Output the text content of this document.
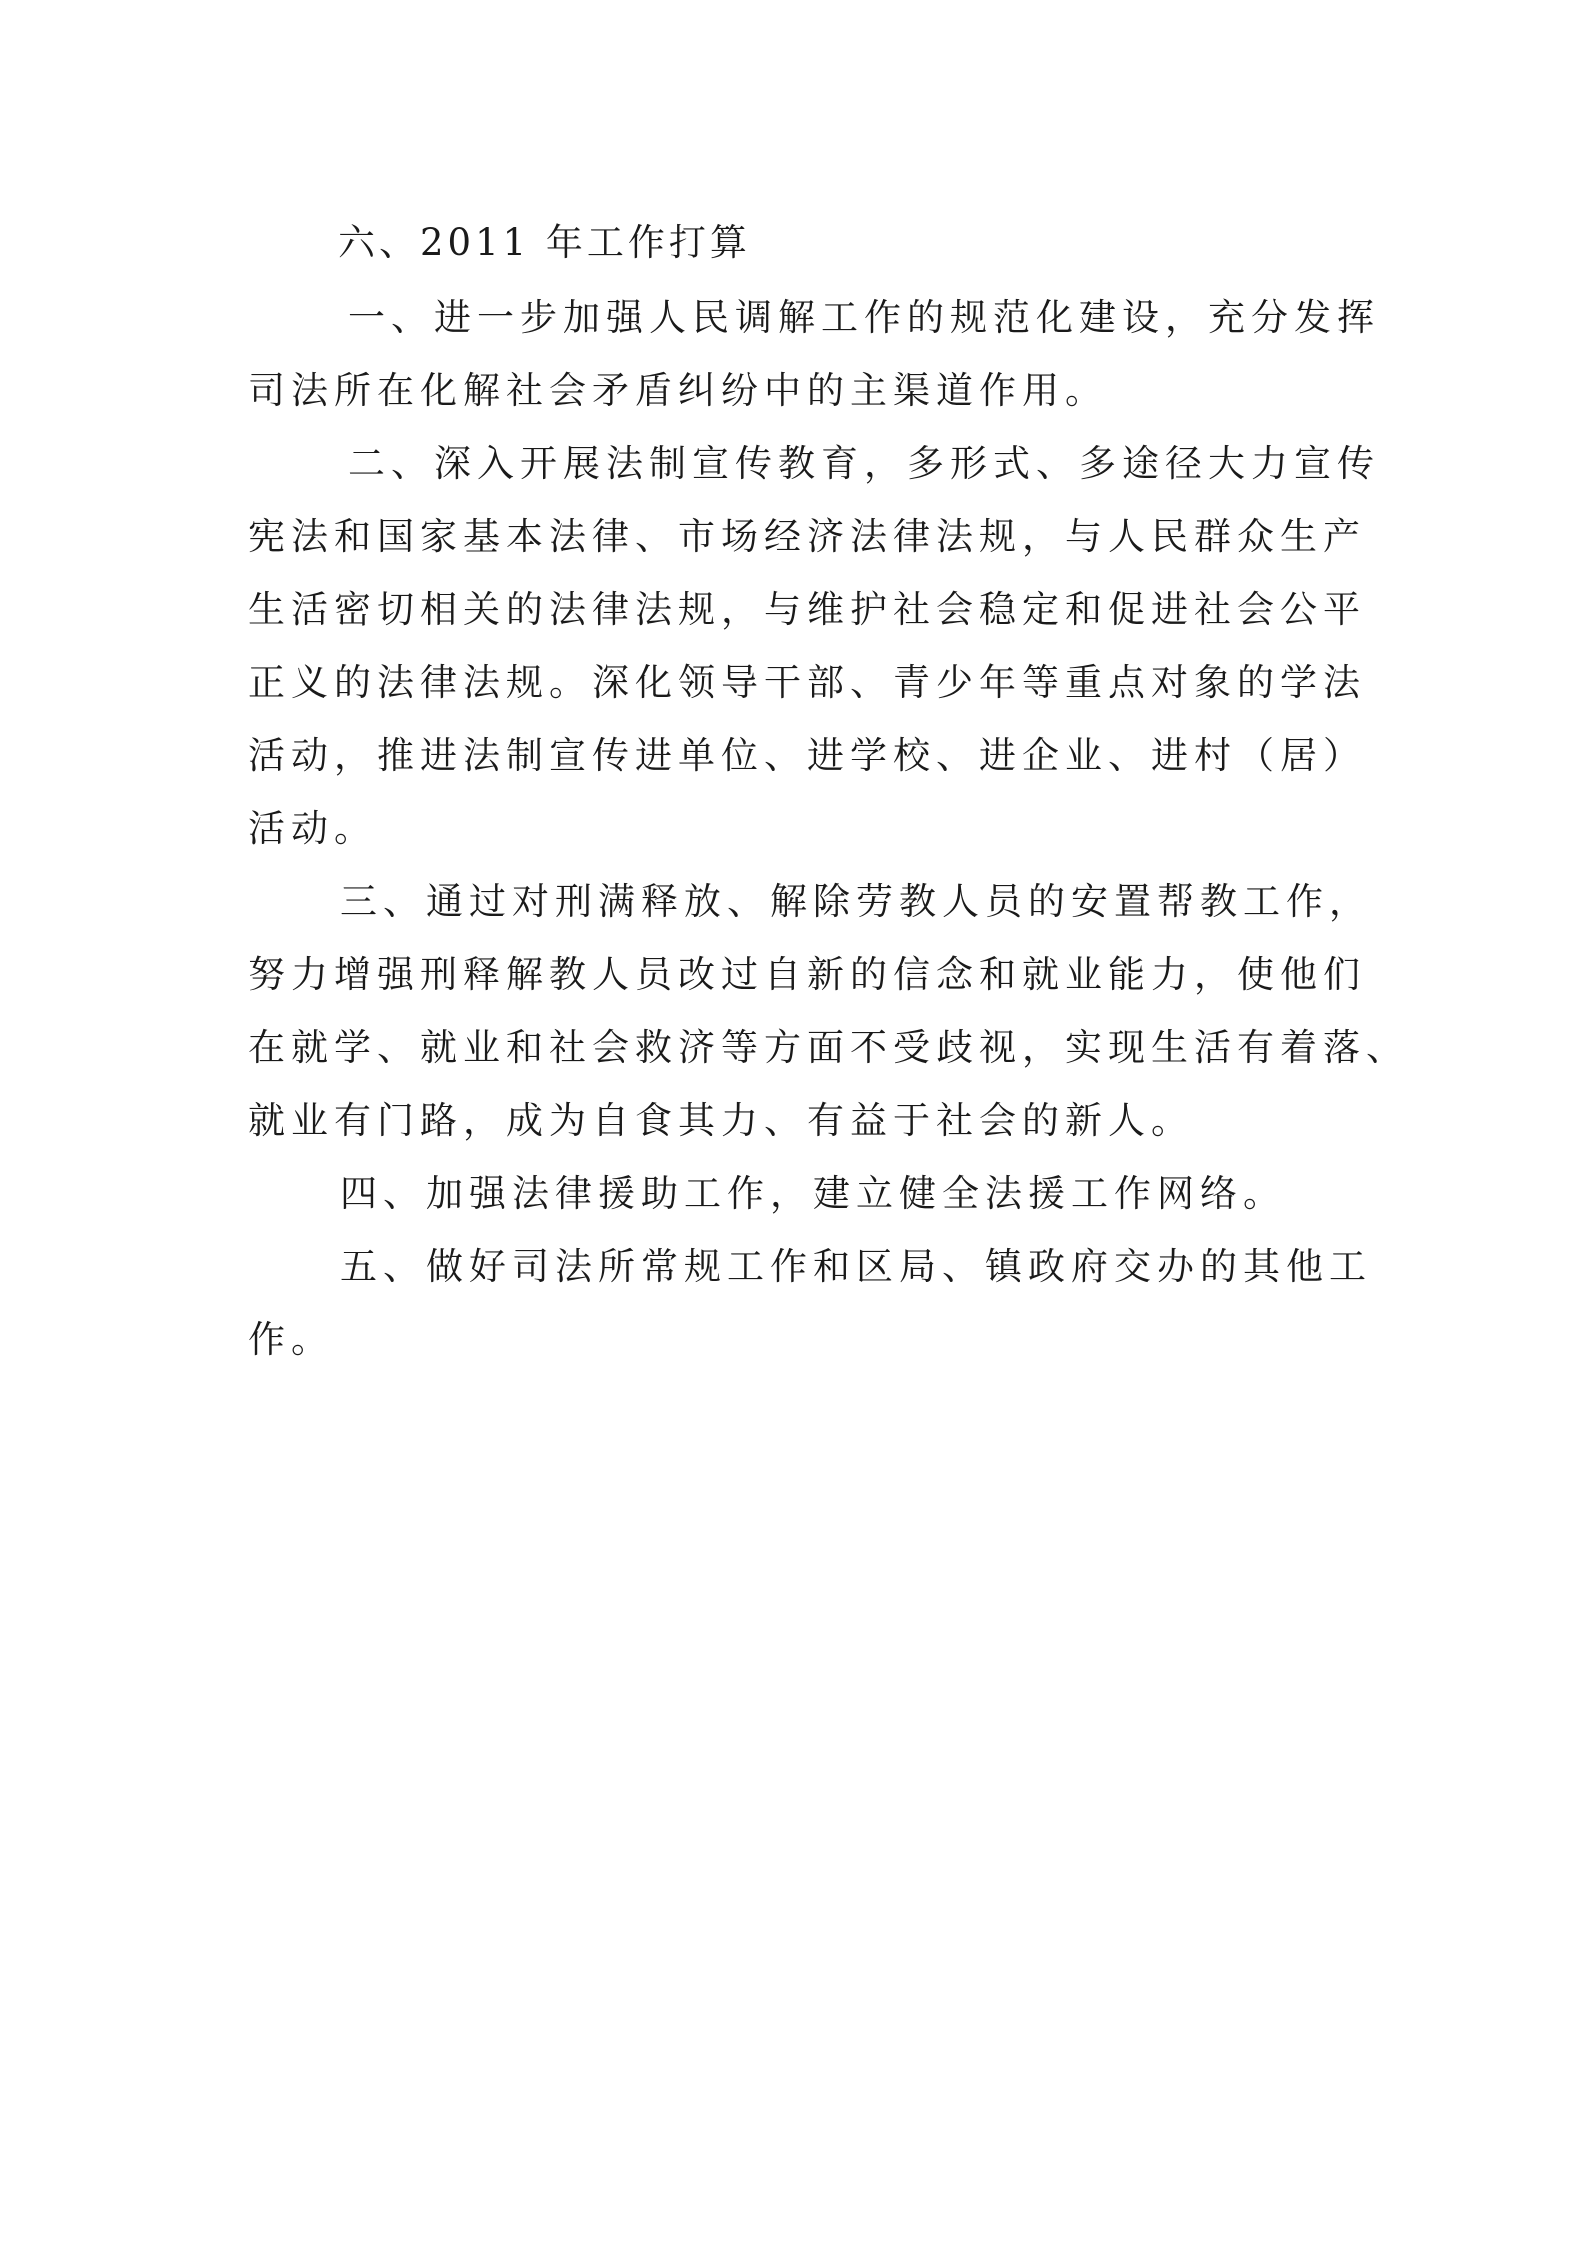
六、2011 年工作打算
一、进一步加强人民调解工作的规范化建设，充分发挥
司法所在化解社会矛盾纠纷中的主渠道作用。
二、深入开展法制宣传教育，多形式、多途径大力宣传
宪法和国家基本法律、市场经济法律法规，与人民群众生产
生活密切相关的法律法规，与维护社会稳定和促进社会公平
正义的法律法规。深化领导干部、青少年等重点对象的学法
活动，推进法制宣传进单位、进学校、进企业、进村（居）
活动。
三、通过对刑满释放、解除劳教人员的安置帮教工作，
努力增强刑释解教人员改过自新的信念和就业能力，使他们
在就学、就业和社会救济等方面不受歧视，实现生活有着落、
就业有门路，成为自食其力、有益于社会的新人。
四、加强法律援助工作，建立健全法援工作网络。
五、做好司法所常规工作和区局、镇政府交办的其他工
作。
